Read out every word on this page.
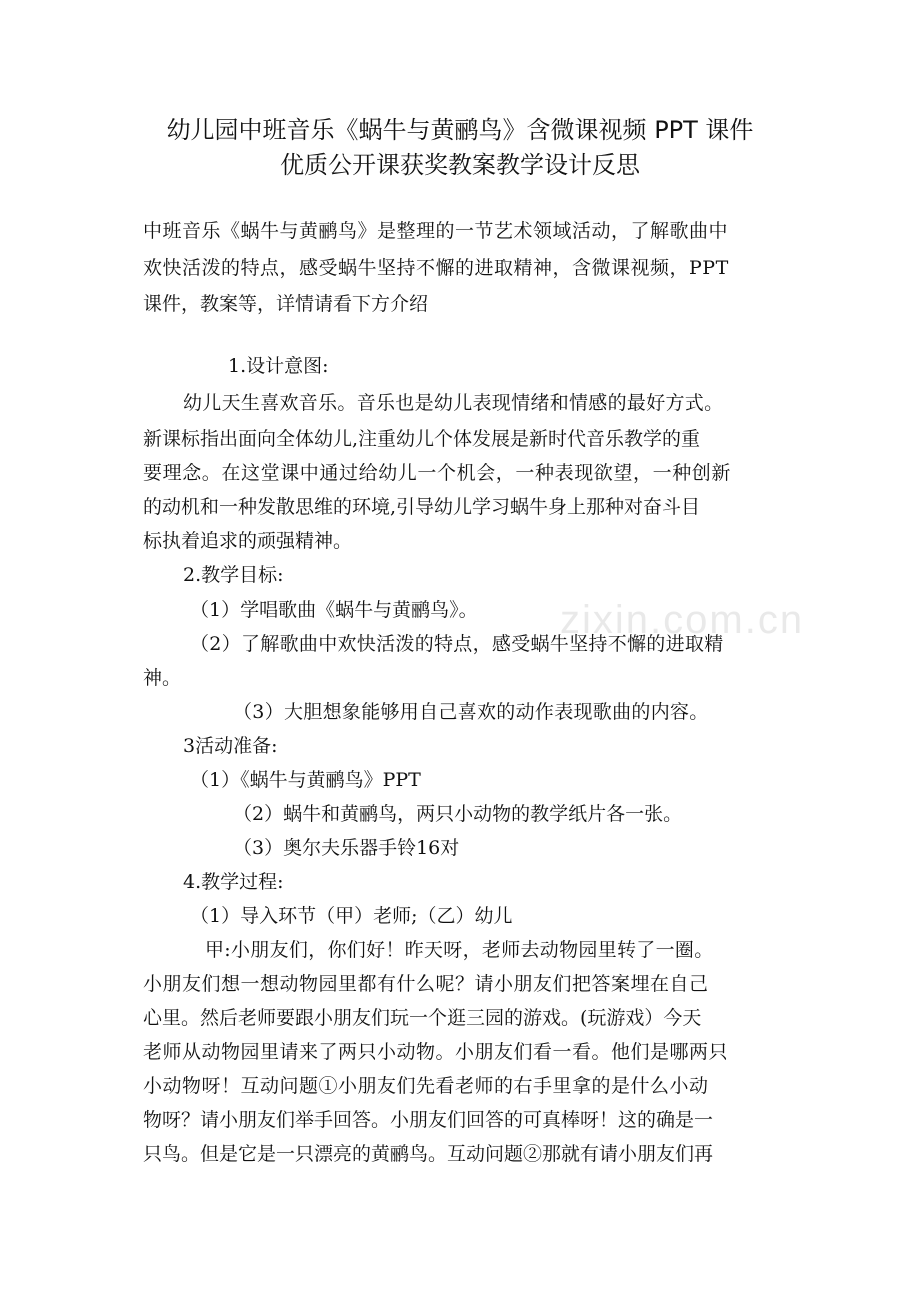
幼儿园中班音乐《蜗牛与黄鹂鸟》含微课视频 PPT 课件
优质公开课获奖教案教学设计反思
zixin.com.cn
中班音乐《蜗牛与黄鹂鸟》是整理的一节艺术领域活动，了解歌曲中
欢快活泼的特点，感受蜗牛坚持不懈的进取精神，含微课视频，PPT
课件，教案等，详情请看下方介绍
1.设计意图:
幼儿天生喜欢音乐。音乐也是幼儿表现情绪和情感的最好方式。
新课标指出面向全体幼儿,注重幼儿个体发展是新时代音乐教学的重
要理念。在这堂课中通过给幼儿一个机会，一种表现欲望，一种创新
的动机和一种发散思维的环境,引导幼儿学习蜗牛身上那种对奋斗目
标执着追求的顽强精神。
2.教学目标:
（1）学唱歌曲《蜗牛与黄鹂鸟》。
（2）了解歌曲中欢快活泼的特点，感受蜗牛坚持不懈的进取精
神。
（3）大胆想象能够用自己喜欢的动作表现歌曲的内容。
3活动准备:
（1）《蜗牛与黄鹂鸟》PPT
（2）蜗牛和黄鹂鸟，两只小动物的教学纸片各一张。
（3）奥尔夫乐器手铃16对
4.教学过程:
（1）导入环节（甲）老师;（乙）幼儿
甲:小朋友们，你们好！昨天呀，老师去动物园里转了一圈。
小朋友们想一想动物园里都有什么呢？请小朋友们把答案埋在自己
心里。然后老师要跟小朋友们玩一个逛三园的游戏。(玩游戏）今天
老师从动物园里请来了两只小动物。小朋友们看一看。他们是哪两只
小动物呀！互动问题①小朋友们先看老师的右手里拿的是什么小动
物呀？请小朋友们举手回答。小朋友们回答的可真棒呀！这的确是一
只鸟。但是它是一只漂亮的黄鹂鸟。互动问题②那就有请小朋友们再
